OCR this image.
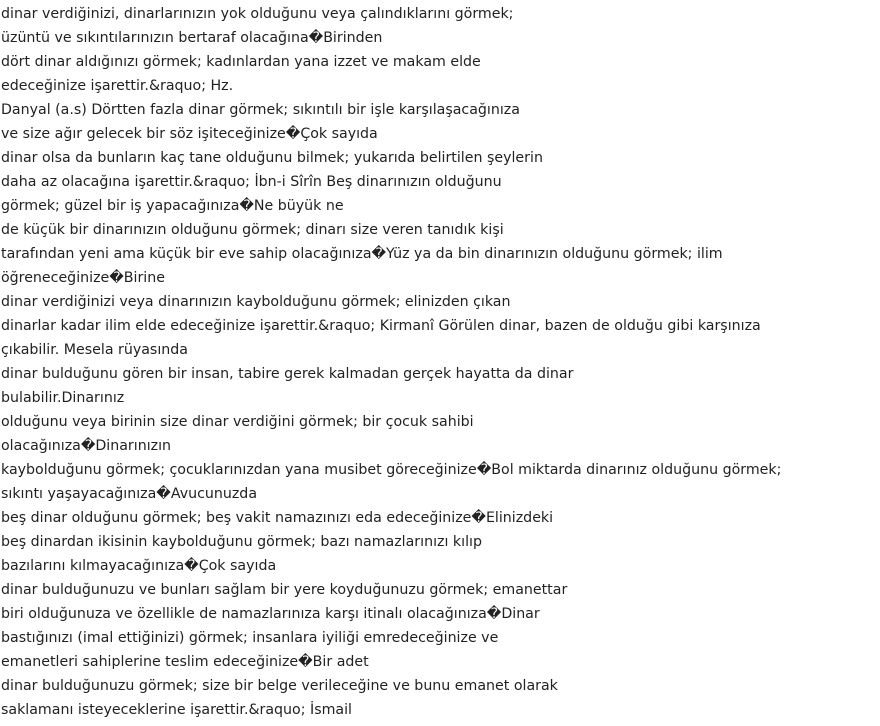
dinar verdiğinizi, dinarlarınızın yok olduğunu veya çalındıklarını görmek;

üzüntü ve sıkıntılarınızın bertaraf olacağına�Birinden

dört dinar aldığınızı görmek; kadınlardan yana izzet ve makam elde

edeceğinize işarettir.&raquo; Hz.

Danyal (a.s) Dörtten fazla dinar görmek; sıkıntılı bir işle karşılaşacağınıza

ve size ağır gelecek bir söz işiteceğinize�Çok sayıda

dinar olsa da bunların kaç tane olduğunu bilmek; yukarıda belirtilen şeylerin

daha az olacağına işarettir.&raquo; İbn-i Sîrîn Beş dinarınızın olduğunu

görmek; güzel bir iş yapacağınıza�Ne büyük ne

de küçük bir dinarınızın olduğunu görmek; dinarı size veren tanıdık kişi

tarafından yeni ama küçük bir eve sahip olacağınıza�Yüz ya da bin dinarınızın olduğunu görmek; ilim

öğreneceğinize�Birine

dinar verdiğinizi veya dinarınızın kaybolduğunu görmek; elinizden çıkan

dinarlar kadar ilim elde edeceğinize işarettir.&raquo; Kirmanî Görülen dinar, bazen de olduğu gibi karşınıza

çıkabilir. Mesela rüyasında

dinar bulduğunu gören bir insan, tabire gerek kalmadan gerçek hayatta da dinar

bulabilir.Dinarınız

olduğunu veya birinin size dinar verdiğini görmek; bir çocuk sahibi

olacağınıza�Dinarınızın

kaybolduğunu görmek; çocuklarınızdan yana musibet göreceğinize�Bol miktarda dinarınız olduğunu görmek;

sıkıntı yaşayacağınıza�Avucunuzda

beş dinar olduğunu görmek; beş vakit namazınızı eda edeceğinize�Elinizdeki

beş dinardan ikisinin kaybolduğunu görmek; bazı namazlarınızı kılıp

bazılarını kılmayacağınıza�Çok sayıda

dinar bulduğunuzu ve bunları sağlam bir yere koyduğunuzu görmek; emanettar

biri olduğunuza ve özellikle de namazlarınıza karşı itinalı olacağınıza�Dinar

bastığınızı (imal ettiğinizi) görmek; insanlara iyiliği emredeceğinize ve

emanetleri sahiplerine teslim edeceğinize�Bir adet

dinar bulduğunuzu görmek; size bir belge verileceğine ve bunu emanet olarak

saklamanı isteyeceklerine işarettir.&raquo; İsmail
